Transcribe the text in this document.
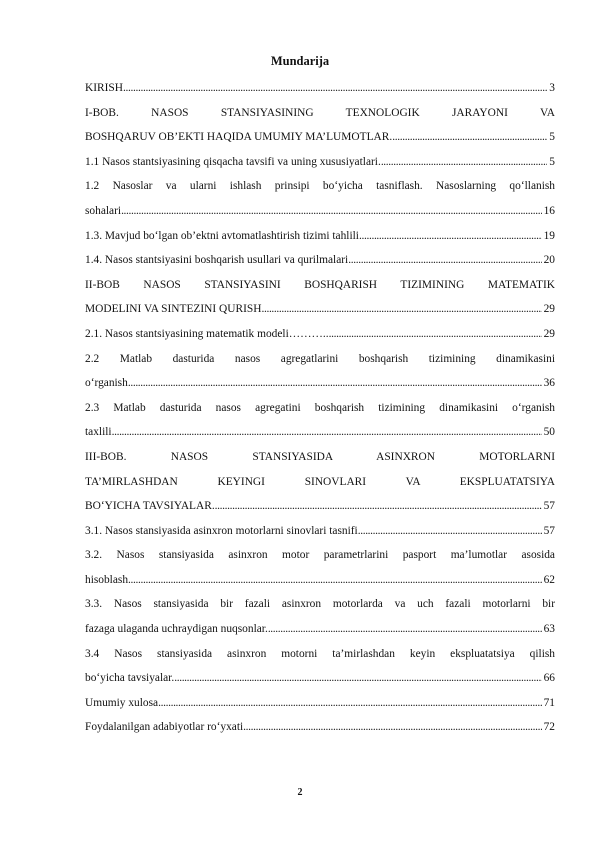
Mundarija
KIRISH . . .	3
I-BOB. NASOS STANSIYASINING TEXNOLOGIK JARAYONI VA
BOSHQARUV OB’EKTI HAQIDA UMUMIY MA’LUMOTLAR. . . .	5
1.1 Nasos stantsiyasining qisqacha tavsifi va uning xususiyatlari. . . .	5
1.2 Nasoslar va ularni ishlash prinsipi bo‘yicha tasniflash. Nasoslarning qo‘llanish
sohalari . . .	16
1.3. Mavjud bo‘lgan ob’ektni avtomatlashtirish tizimi tahlili . . .	19
1.4. Nasos stantsiyasini boshqarish usullari va qurilmalari . . .	20
II-BOB NASOS STANSIYASINI BOSHQARISH TIZIMINING MATEMATIK
MODELINI VA SINTEZINI QURISH . . .	29
2.1. Nasos stantsiyasining matematik modeli……….. . . .	29
2.2 Matlab dasturida nasos agregatlarini boshqarish tizimining dinamikasini
o‘rganish . . .	36
2.3 Matlab dasturida nasos agregatini boshqarish tizimining dinamikasini o‘rganish
taxlili . . .	50
III-BOB. NASOS STANSIYASIDA ASINXRON MOTORLARNI
TA’MIRLASHDAN KEYINGI SINOVLARI VA EKSPLUATATSIYA
BO‘YICHA TAVSIYALAR. . . .	57
3.1. Nasos stansiyasida asinxron motorlarni sinovlari tasnifi . . .	57
3.2. Nasos stansiyasida asinxron motor parametrlarini pasport ma’lumotlar asosida
hisoblash . . .	62
3.3. Nasos stansiyasida bir fazali asinxron motorlarda va uch fazali motorlarni bir
fazaga ulaganda uchraydigan nuqsonlar. . . .	63
3.4 Nasos stansiyasida asinxron motorni ta’mirlashdan keyin ekspluatatsiya qilish
bo‘yicha tavsiyalar. . . .	66
Umumiy xulosa . . .	71
Foydalanilgan adabiyotlar ro‘yxati . . .	72
2
